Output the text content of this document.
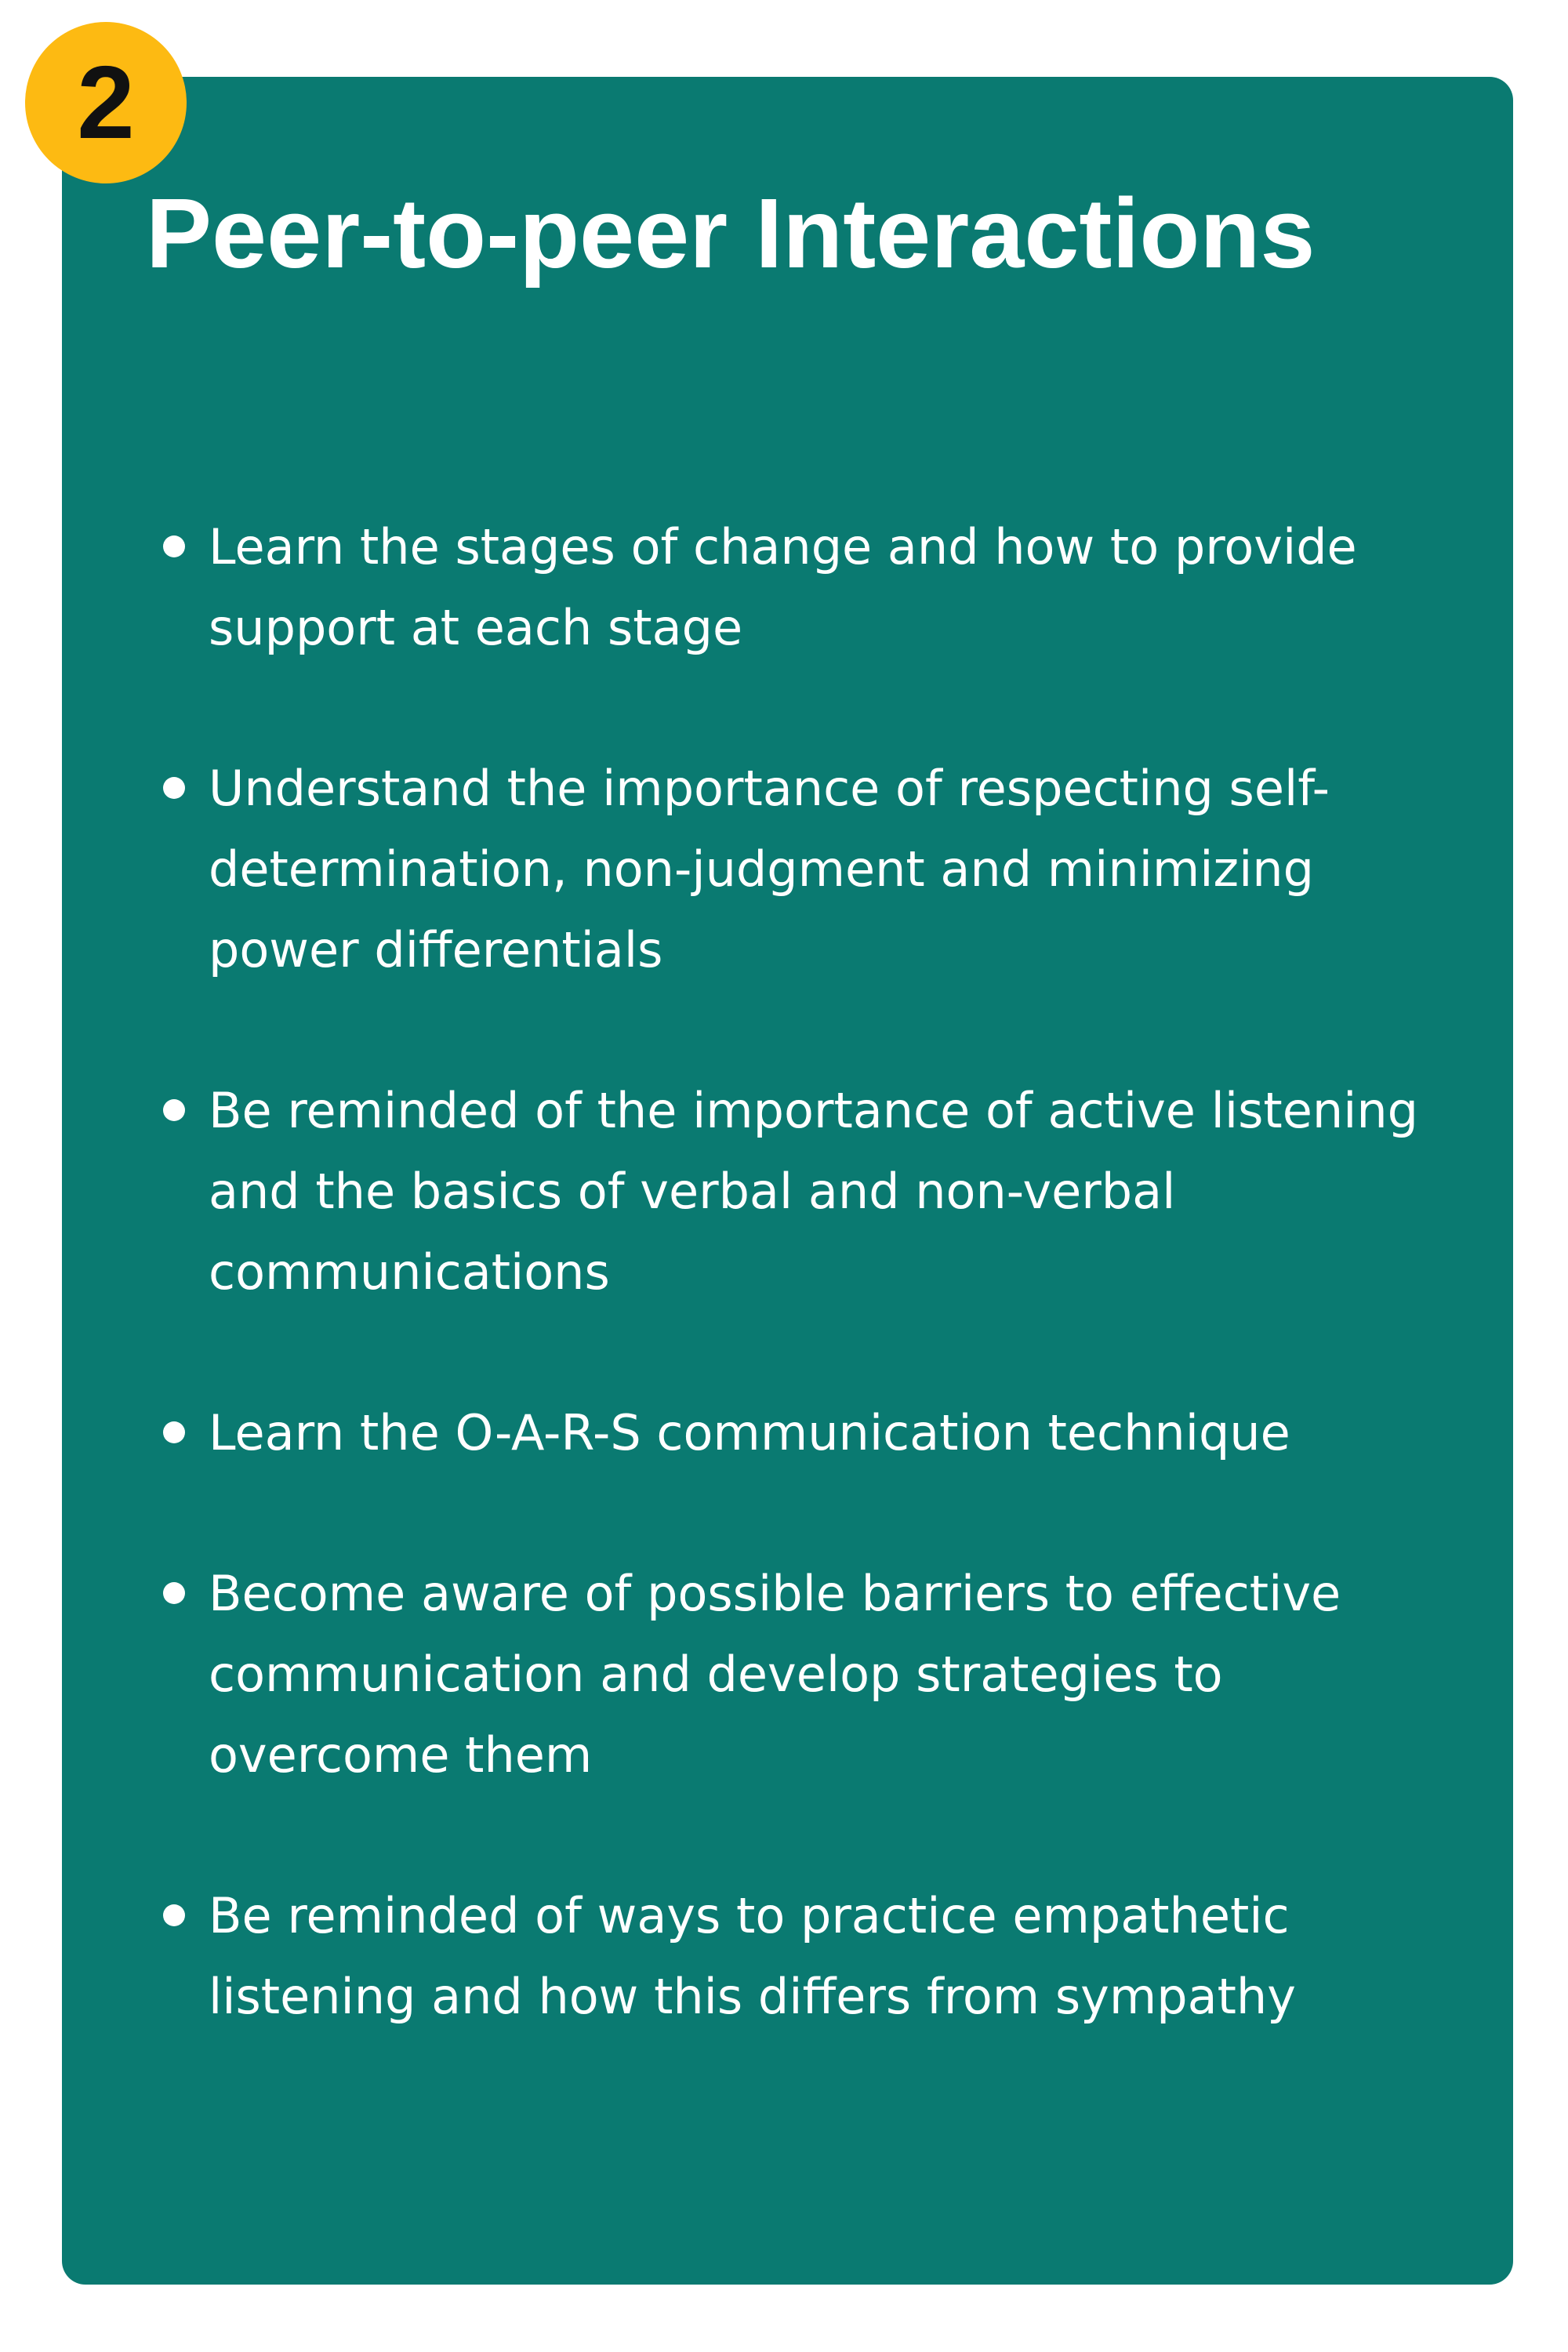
2
Peer-to-peer Interactions
Learn the stages of change and how to provide support at each stage
Understand the importance of respecting self-determination, non-judgment and minimizing power differentials
Be reminded of the importance of active listening and the basics of verbal and non-verbal communications
Learn the O-A-R-S communication technique
Become aware of possible barriers to effective communication and develop strategies to overcome them
Be reminded of ways to practice empathetic listening and how this differs from sympathy
